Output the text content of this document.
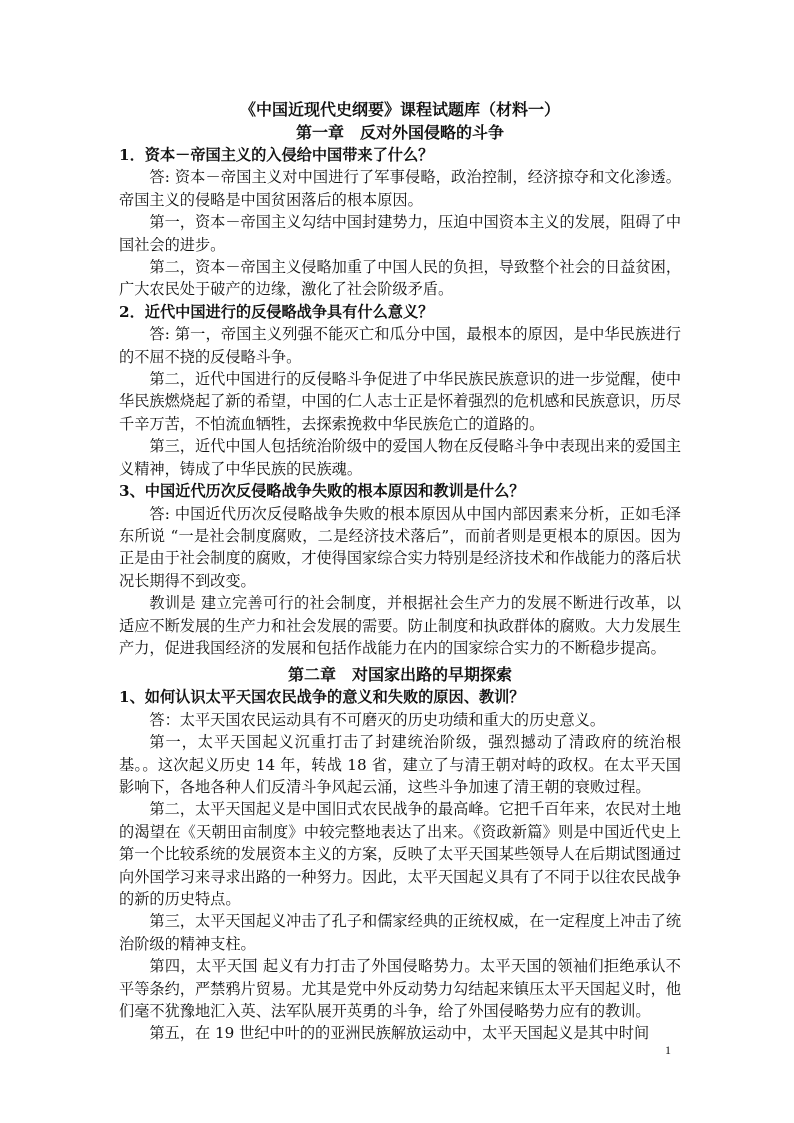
《中国近现代史纲要》课程试题库（材料一）

第一章　反对外国侵略的斗争

1．资本－帝国主义的入侵给中国带来了什么？

答: 资本－帝国主义对中国进行了军事侵略，政治控制，经济掠夺和文化渗透。帝国主义的侵略是中国贫困落后的根本原因。

第一，资本－帝国主义勾结中国封建势力，压迫中国资本主义的发展，阻碍了中国社会的进步。

第二，资本－帝国主义侵略加重了中国人民的负担，导致整个社会的日益贫困，广大农民处于破产的边缘，激化了社会阶级矛盾。

2．近代中国进行的反侵略战争具有什么意义？

答: 第一，帝国主义列强不能灭亡和瓜分中国，最根本的原因，是中华民族进行的不屈不挠的反侵略斗争。

第二，近代中国进行的反侵略斗争促进了中华民族民族意识的进一步觉醒，使中华民族燃烧起了新的希望，中国的仁人志士正是怀着强烈的危机感和民族意识，历尽千辛万苦，不怕流血牺牲，去探索挽救中华民族危亡的道路的。

第三，近代中国人包括统治阶级中的爱国人物在反侵略斗争中表现出来的爱国主义精神，铸成了中华民族的民族魂。

3、中国近代历次反侵略战争失败的根本原因和教训是什么？

答: 中国近代历次反侵略战争失败的根本原因从中国内部因素来分析，正如毛泽东所说 “一是社会制度腐败，二是经济技术落后”，而前者则是更根本的原因。因为正是由于社会制度的腐败，才使得国家综合实力特别是经济技术和作战能力的落后状况长期得不到改变。

教训是 建立完善可行的社会制度，并根据社会生产力的发展不断进行改革，以适应不断发展的生产力和社会发展的需要。防止制度和执政群体的腐败。大力发展生产力，促进我国经济的发展和包括作战能力在内的国家综合实力的不断稳步提高。

第二章　对国家出路的早期探索

1、如何认识太平天国农民战争的意义和失败的原因、教训？

答：太平天国农民运动具有不可磨灭的历史功绩和重大的历史意义。

第一，太平天国起义沉重打击了封建统治阶级，强烈撼动了清政府的统治根基。。这次起义历史 14 年，转战 18 省，建立了与清王朝对峙的政权。在太平天国影响下，各地各种人们反清斗争风起云涌，这些斗争加速了清王朝的衰败过程。

第二，太平天国起义是中国旧式农民战争的最高峰。它把千百年来，农民对土地的渴望在《天朝田亩制度》中较完整地表达了出来。《资政新篇》则是中国近代史上第一个比较系统的发展资本主义的方案，反映了太平天国某些领导人在后期试图通过向外国学习来寻求出路的一种努力。因此，太平天国起义具有了不同于以往农民战争的新的历史特点。

第三，太平天国起义冲击了孔子和儒家经典的正统权威，在一定程度上冲击了统治阶级的精神支柱。

第四，太平天国 起义有力打击了外国侵略势力。太平天国的领袖们拒绝承认不平等条约，严禁鸦片贸易。尤其是党中外反动势力勾结起来镇压太平天国起义时，他们毫不犹豫地汇入英、法军队展开英勇的斗争，给了外国侵略势力应有的教训。

第五，在 19 世纪中叶的的亚洲民族解放运动中，太平天国起义是其中时间

1
